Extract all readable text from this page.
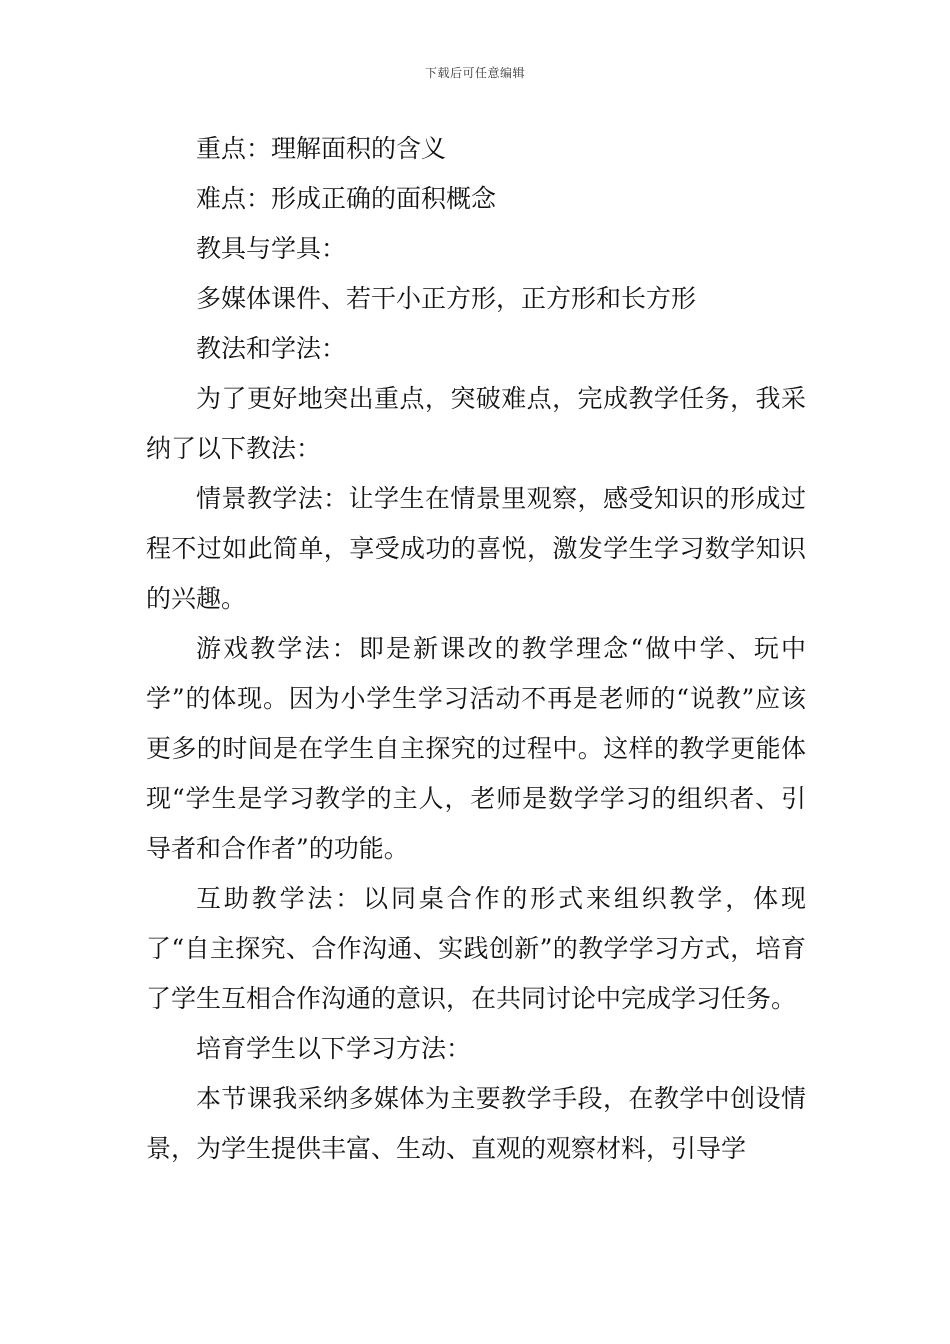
下载后可任意编辑

重点：理解面积的含义

难点：形成正确的面积概念

教具与学具：

多媒体课件、若干小正方形，正方形和长方形

教法和学法：

为了更好地突出重点，突破难点，完成教学任务，我采纳了以下教法：

情景教学法：让学生在情景里观察，感受知识的形成过程不过如此简单，享受成功的喜悦，激发学生学习数学知识的兴趣。

游戏教学法：即是新课改的教学理念“做中学、玩中学”的体现。因为小学生学习活动不再是老师的“说教”应该更多的时间是在学生自主探究的过程中。这样的教学更能体现“学生是学习教学的主人，老师是数学学习的组织者、引导者和合作者”的功能。

互助教学法：以同桌合作的形式来组织教学，体现了“自主探究、合作沟通、实践创新”的教学学习方式，培育了学生互相合作沟通的意识，在共同讨论中完成学习任务。

培育学生以下学习方法：

本节课我采纳多媒体为主要教学手段，在教学中创设情景，为学生提供丰富、生动、直观的观察材料，引导学
